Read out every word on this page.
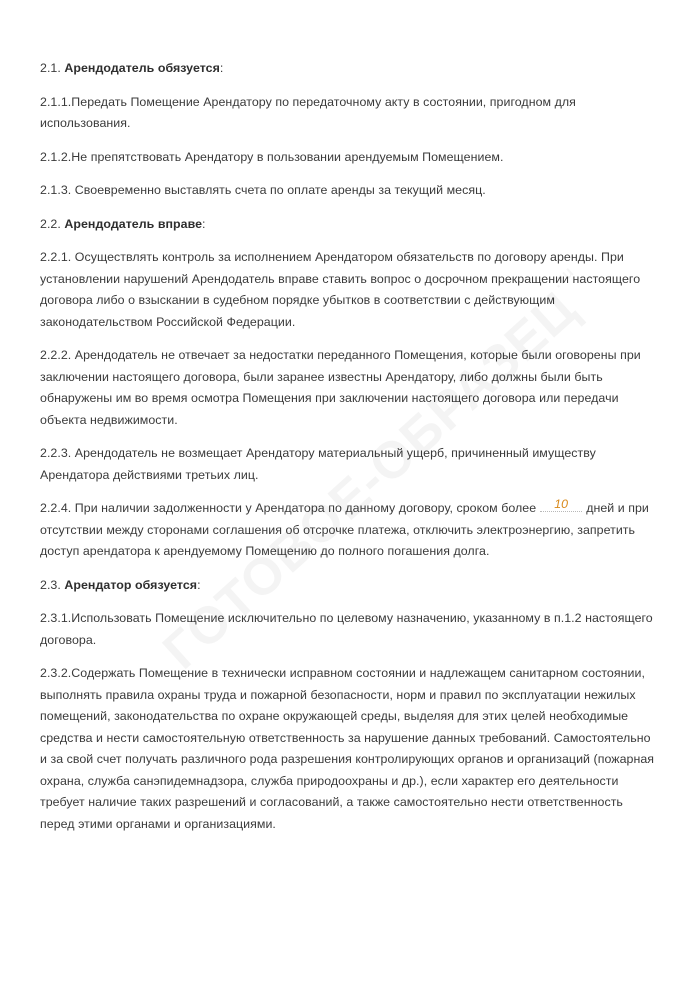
2.1. Арендодатель обязуется:

2.1.1.Передать Помещение Арендатору по передаточному акту в состоянии, пригодном для использования.

2.1.2.Не препятствовать Арендатору в пользовании арендуемым Помещением.

2.1.3. Своевременно выставлять счета по оплате аренды за текущий месяц.

2.2. Арендодатель вправе:

2.2.1. Осуществлять контроль за исполнением Арендатором обязательств по договору аренды. При установлении нарушений Арендодатель вправе ставить вопрос о досрочном прекращении настоящего договора либо о взыскании в судебном порядке убытков в соответствии с действующим законодательством Российской Федерации.

2.2.2. Арендодатель не отвечает за недостатки переданного Помещения, которые были оговорены при заключении настоящего договора, были заранее известны Арендатору, либо должны были быть обнаружены им во время осмотра Помещения при заключении настоящего договора или передачи объекта недвижимости.

2.2.3. Арендодатель не возмещает Арендатору материальный ущерб, причиненный имуществу Арендатора действиями третьих лиц.

2.2.4. При наличии задолженности у Арендатора по данному договору, сроком более 10 дней и при отсутствии между сторонами соглашения об отсрочке платежа, отключить электроэнергию, запретить доступ арендатора к арендуемому Помещению до полного погашения долга.

2.3. Арендатор обязуется:

2.3.1.Использовать Помещение исключительно по целевому назначению, указанному в п.1.2 настоящего договора.

2.3.2.Содержать Помещение в технически исправном состоянии и надлежащем санитарном состоянии, выполнять правила охраны труда и пожарной безопасности, норм и правил по эксплуатации нежилых помещений, законодательства по охране окружающей среды, выделяя для этих целей необходимые средства и нести самостоятельную ответственность за нарушение данных требований. Самостоятельно и за свой счет получать различного рода разрешения контролирующих органов и организаций (пожарная охрана, служба санэпидемнадзора, служба природоохраны и др.), если характер его деятельности требует наличие таких разрешений и согласований, а также самостоятельно нести ответственность перед этими органами и организациями.
